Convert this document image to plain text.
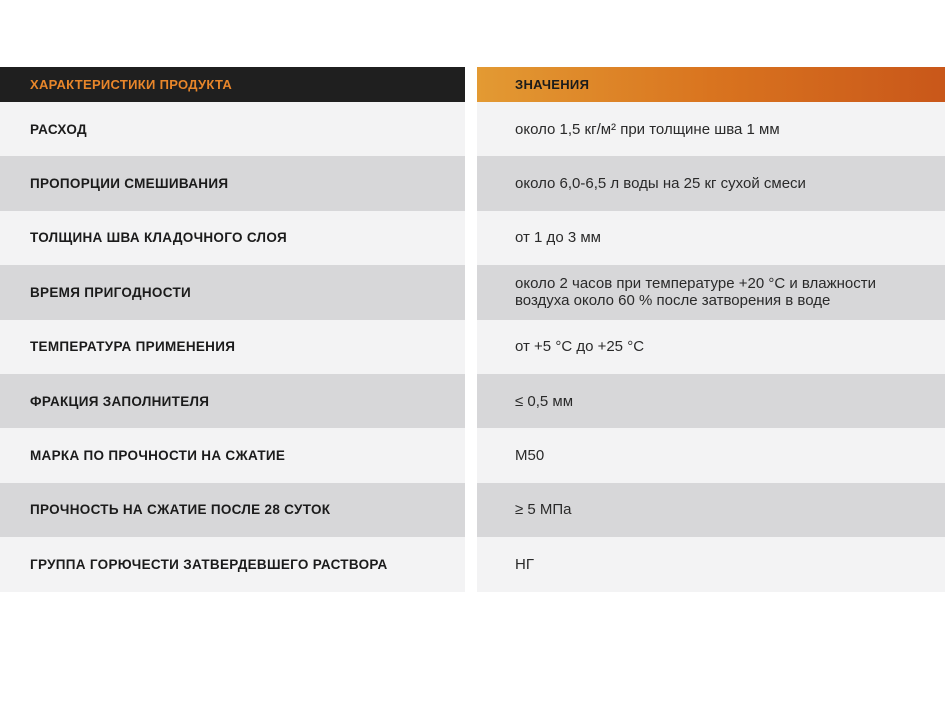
ХАРАКТЕРИСТИКИ ПРОДУКТА	ЗНАЧЕНИЯ
РАСХОД	около 1,5 кг/м² при толщине шва 1 мм
ПРОПОРЦИИ СМЕШИВАНИЯ	около 6,0-6,5 л воды на 25 кг сухой смеси
ТОЛЩИНА ШВА КЛАДОЧНОГО СЛОЯ	от 1 до 3 мм
ВРЕМЯ ПРИГОДНОСТИ	около 2 часов при температуре +20 °C и влажности воздуха около 60 % после затворения в воде
ТЕМПЕРАТУРА ПРИМЕНЕНИЯ	от +5 °C до +25 °C
ФРАКЦИЯ ЗАПОЛНИТЕЛЯ	≤ 0,5 мм
МАРКА ПО ПРОЧНОСТИ НА СЖАТИЕ	M50
ПРОЧНОСТЬ НА СЖАТИЕ ПОСЛЕ 28 СУТОК	≥ 5 МПа
ГРУППА ГОРЮЧЕСТИ ЗАТВЕРДЕВШЕГО РАСТВОРА	НГ
